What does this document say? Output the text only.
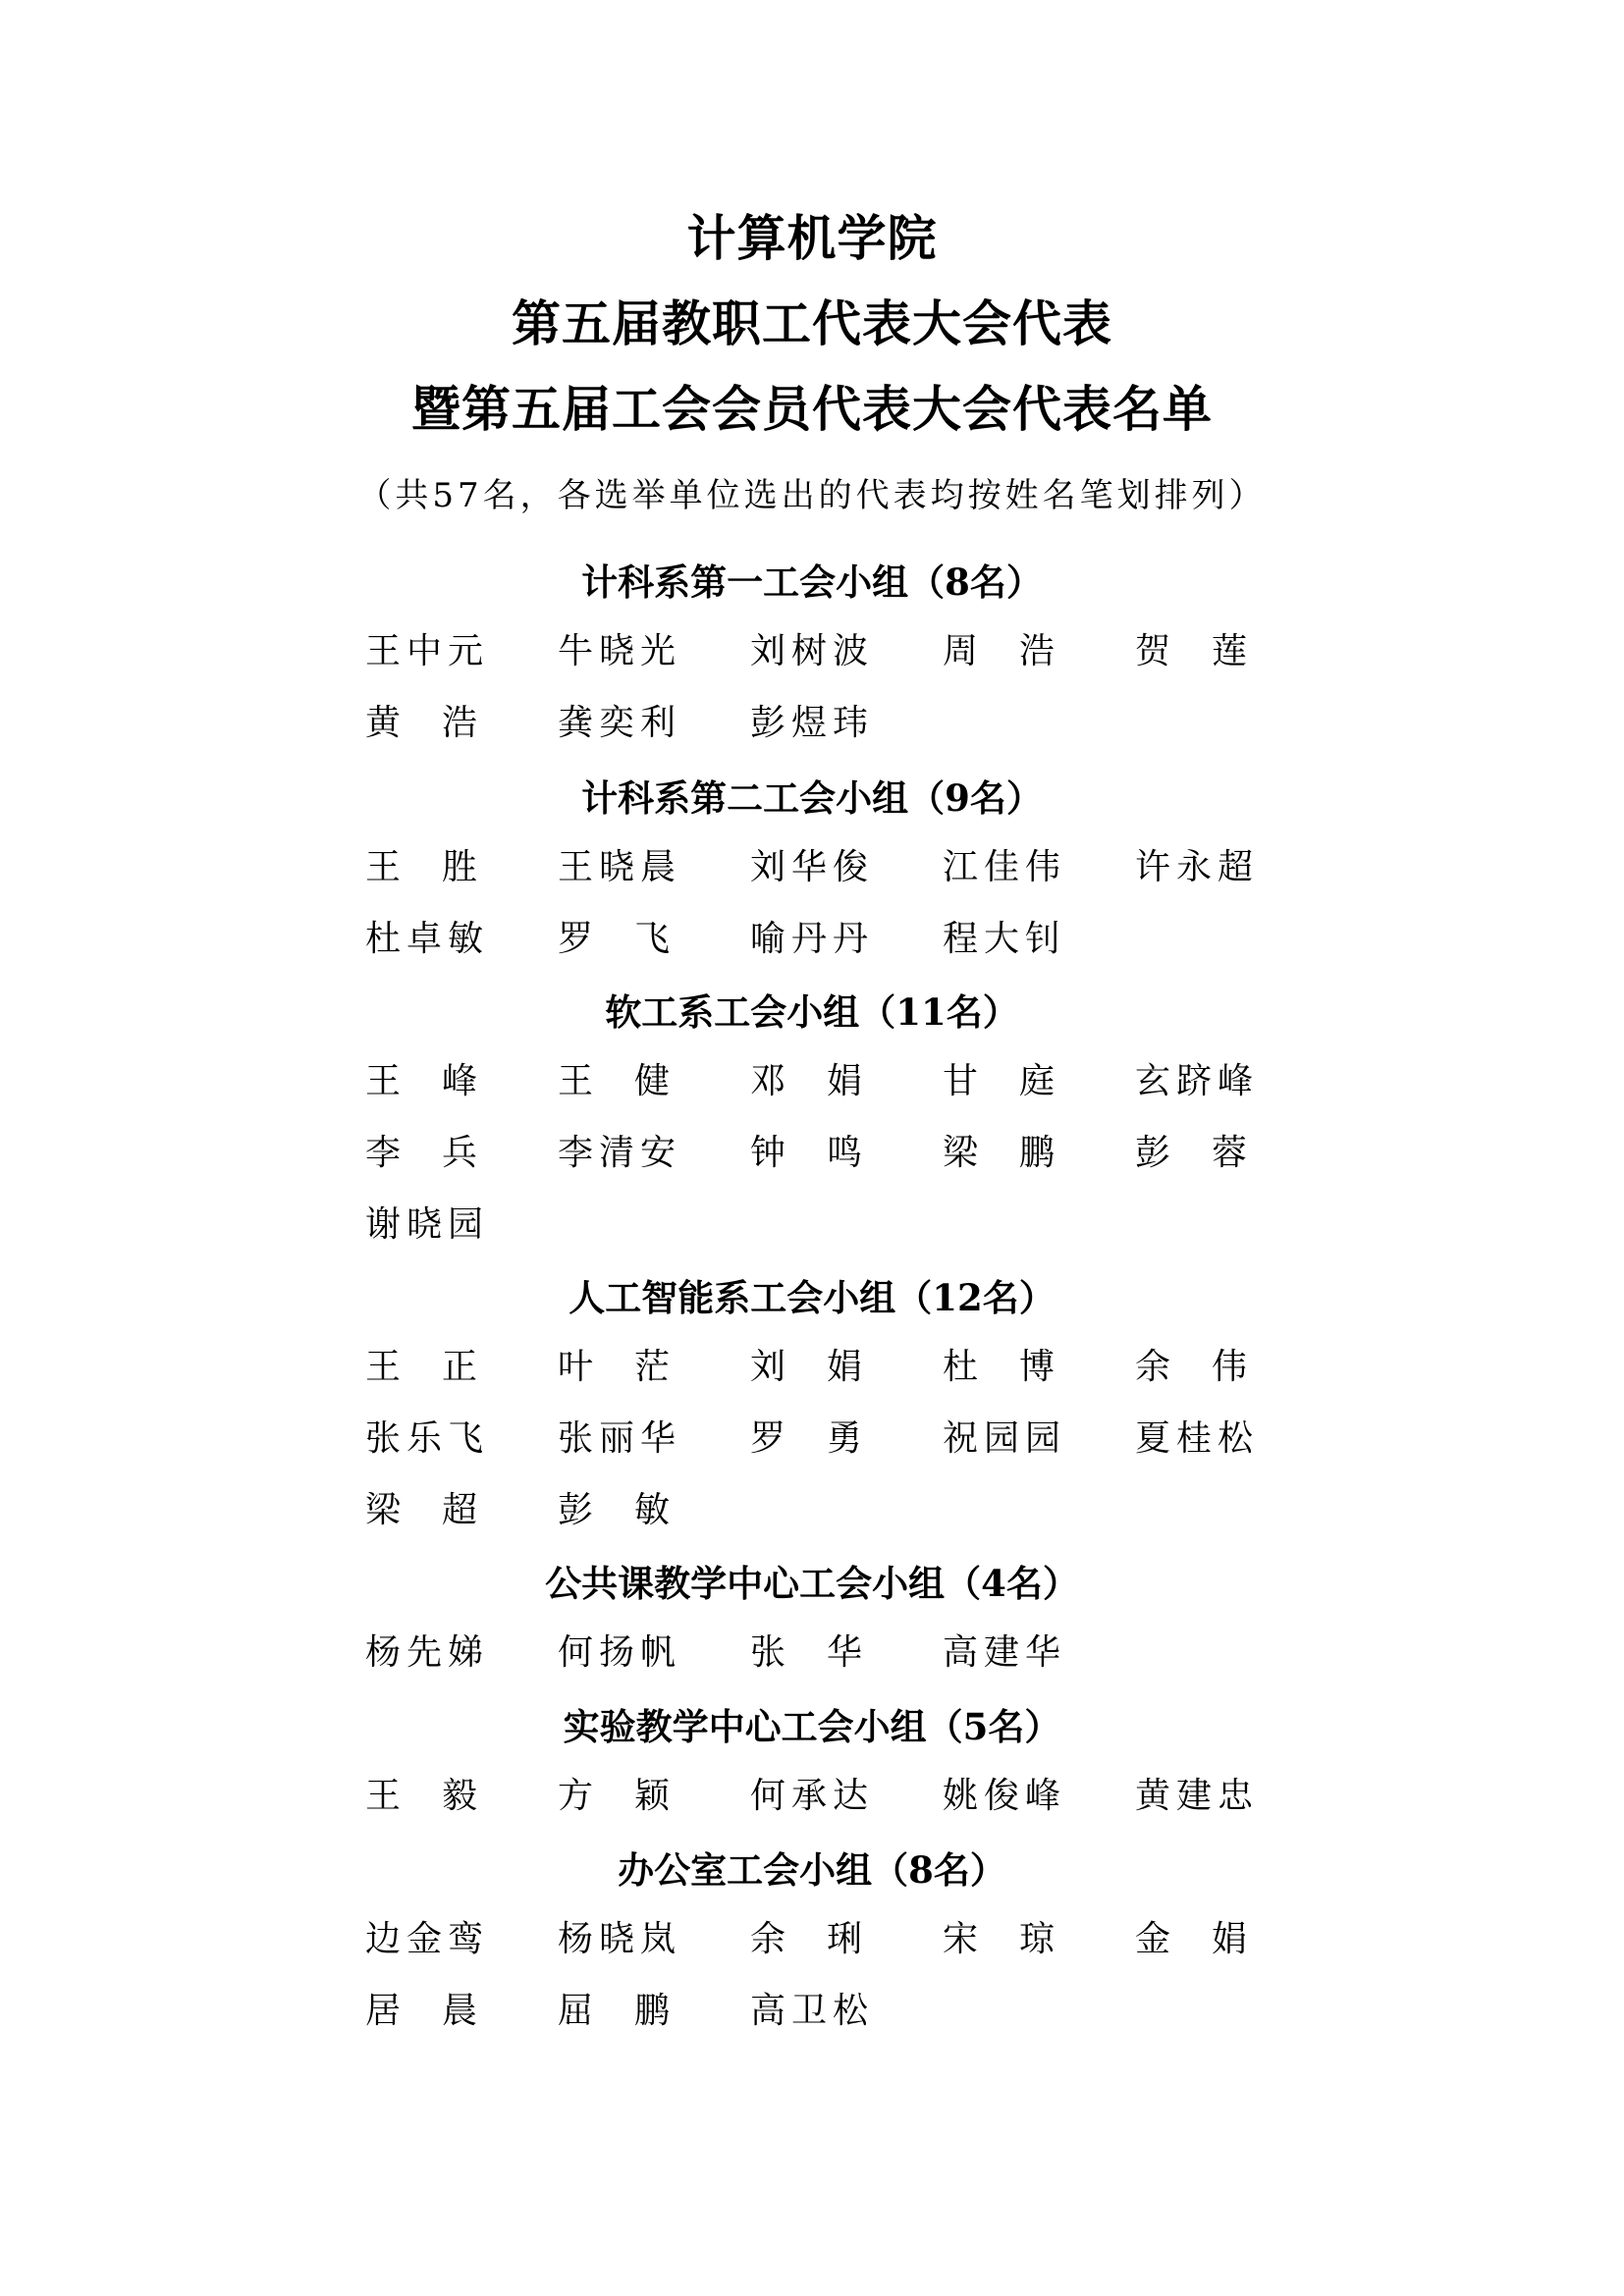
计算机学院
第五届教职工代表大会代表
暨第五届工会会员代表大会代表名单
（共57名，各选举单位选出的代表均按姓名笔划排列）
计科系第一工会小组（8名）
王中元 牛晓光 刘树波 周浩 贺莲
黄浩 龚奕利 彭煜玮
计科系第二工会小组（9名）
王胜 王晓晨 刘华俊 江佳伟 许永超
杜卓敏 罗飞 喻丹丹 程大钊
软工系工会小组（11名）
王峰 王健 邓娟 甘庭 玄跻峰
李兵 李清安 钟鸣 梁鹏 彭蓉
谢晓园
人工智能系工会小组（12名）
王正 叶茫 刘娟 杜博 余伟
张乐飞 张丽华 罗勇 祝园园 夏桂松
梁超 彭敏
公共课教学中心工会小组（4名）
杨先娣 何扬帆 张华 高建华
实验教学中心工会小组（5名）
王毅 方颖 何承达 姚俊峰 黄建忠
办公室工会小组（8名）
边金鸾 杨晓岚 余琍 宋琼 金娟
居晨 屈鹏 高卫松
